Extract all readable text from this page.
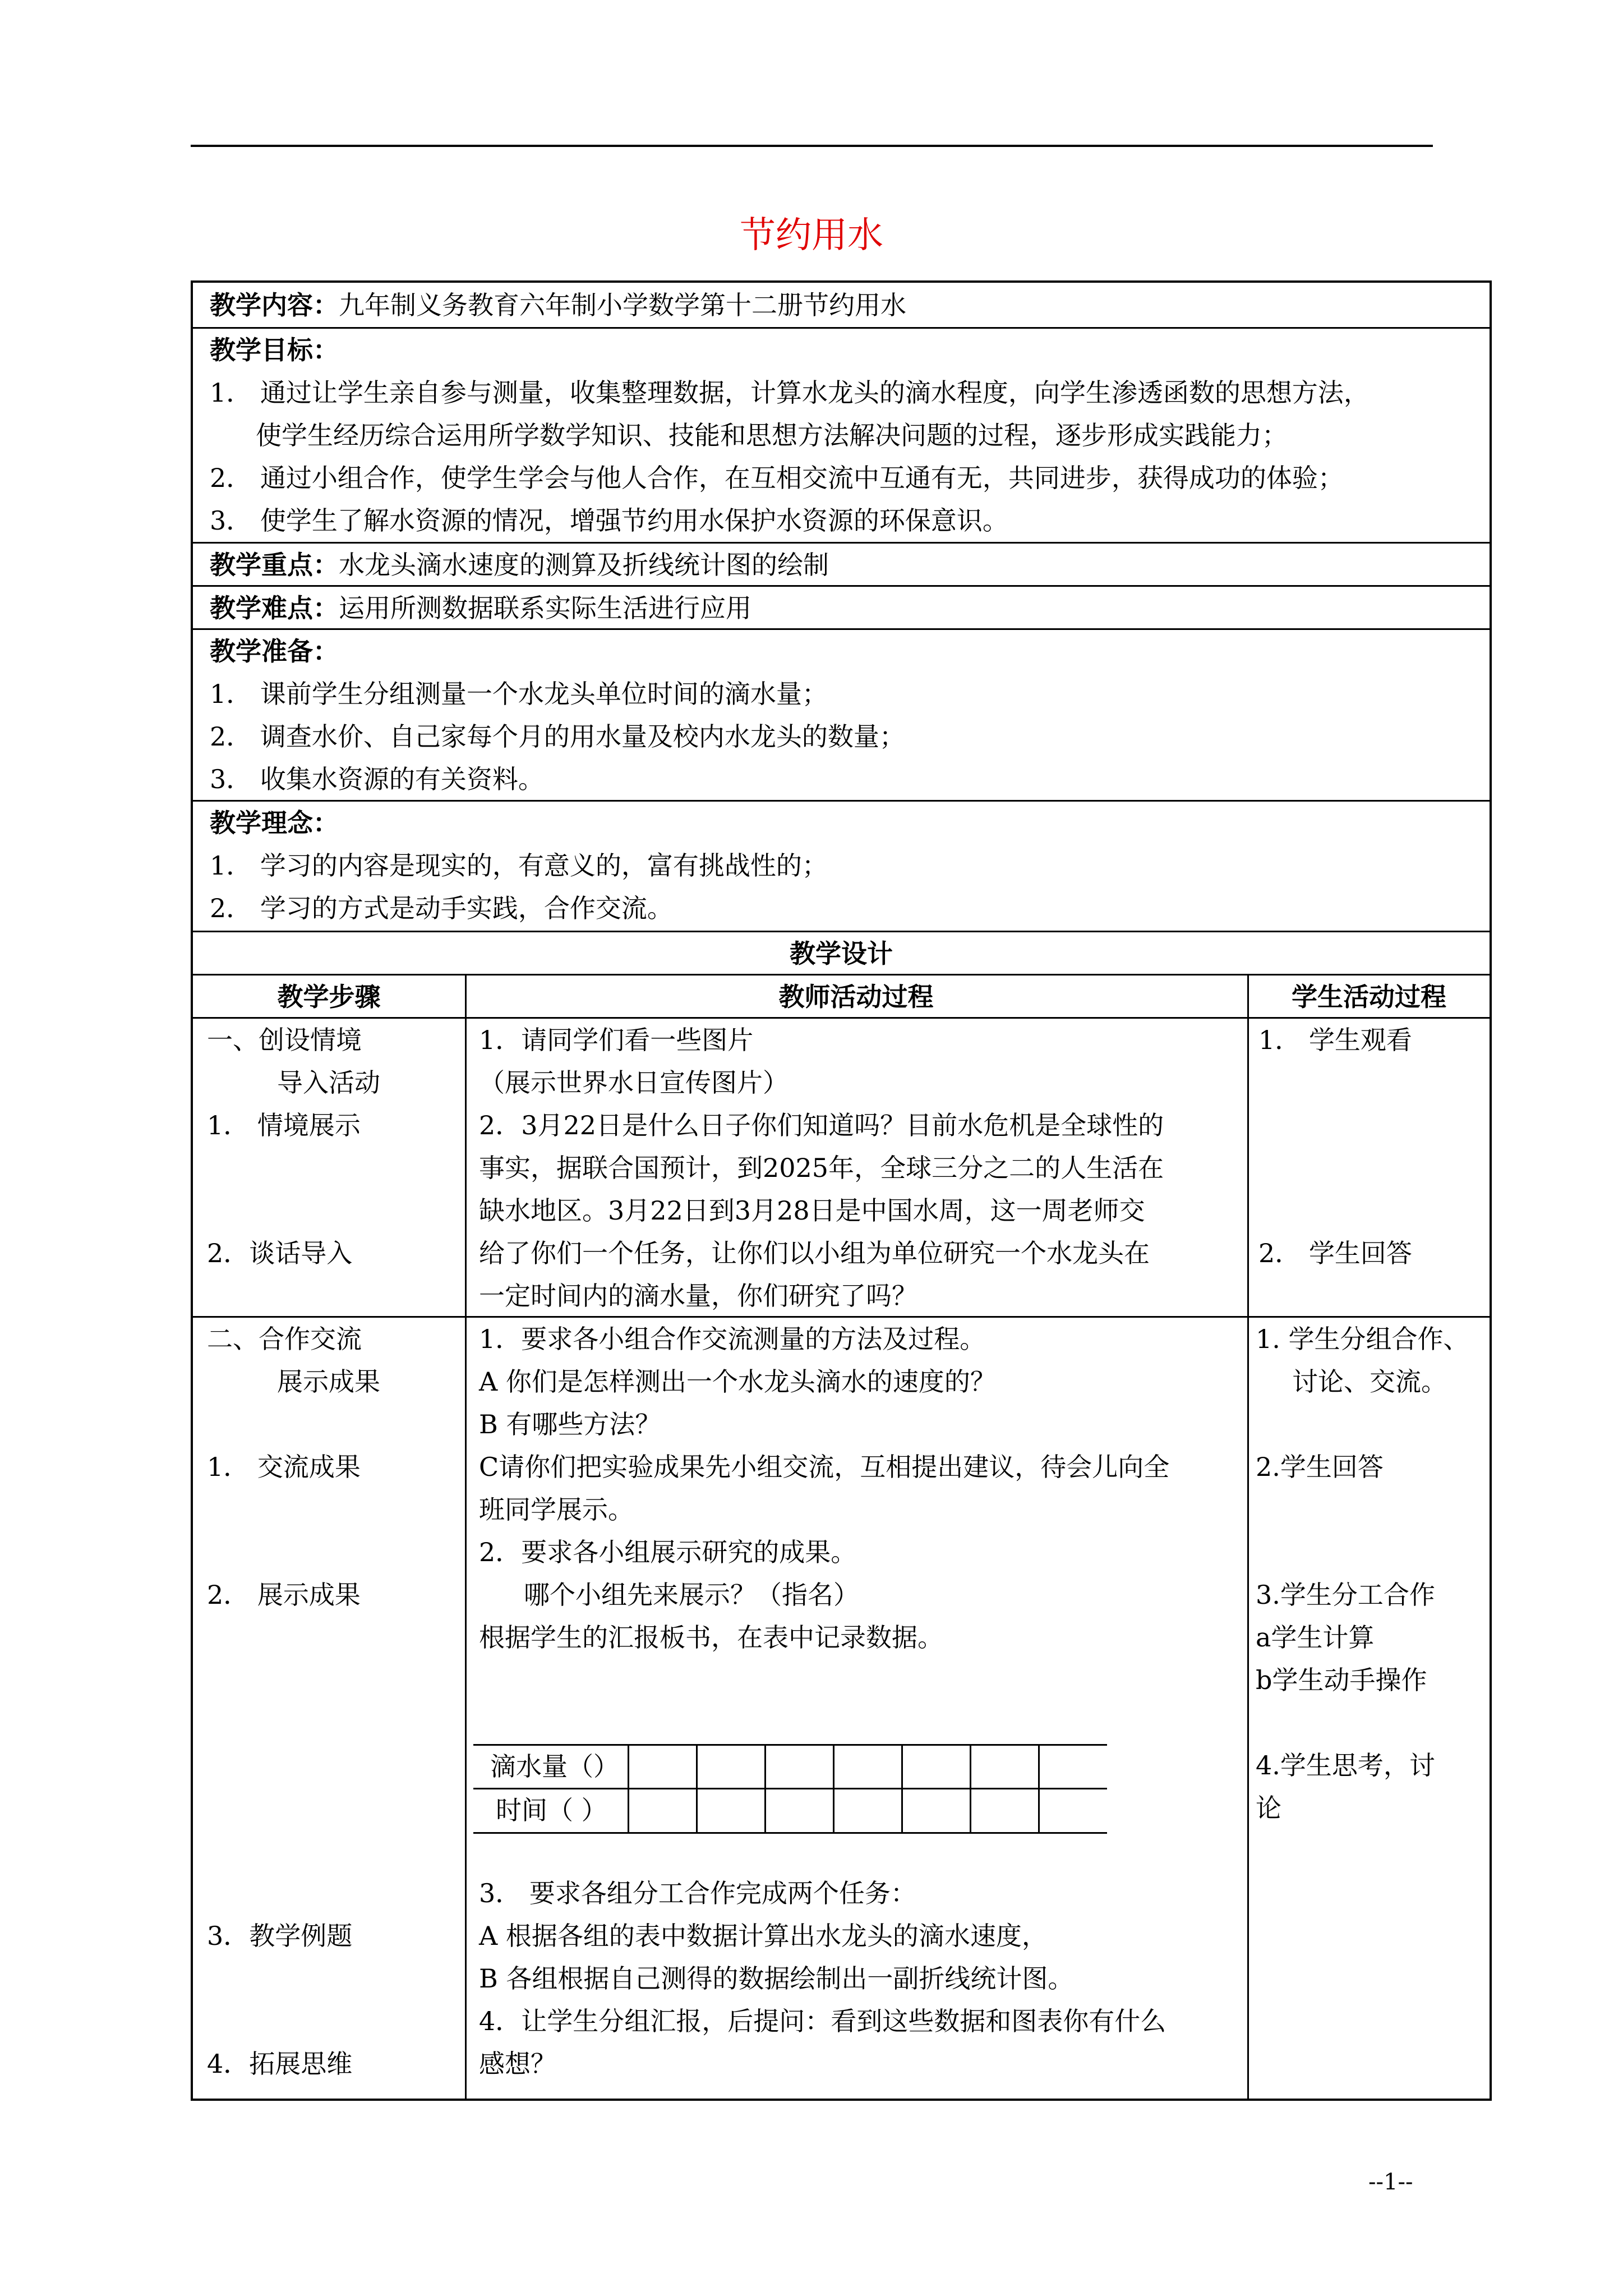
节约用水
教学内容：九年制义务教育六年制小学数学第十二册节约用水
教学目标：
1． 通过让学生亲自参与测量，收集整理数据，计算水龙头的滴水程度，向学生渗透函数的思想方法，
使学生经历综合运用所学数学知识、技能和思想方法解决问题的过程，逐步形成实践能力；
2． 通过小组合作，使学生学会与他人合作，在互相交流中互通有无，共同进步，获得成功的体验；
3． 使学生了解水资源的情况，增强节约用水保护水资源的环保意识。
教学重点：水龙头滴水速度的测算及折线统计图的绘制
教学难点：运用所测数据联系实际生活进行应用
教学准备：
1． 课前学生分组测量一个水龙头单位时间的滴水量；
2． 调查水价、自己家每个月的用水量及校内水龙头的数量；
3． 收集水资源的有关资料。
教学理念：
1． 学习的内容是现实的，有意义的，富有挑战性的；
2． 学习的方式是动手实践，合作交流。
教学设计
教学步骤	教师活动过程	学生活动过程
一、创设情境
导入活动
1． 情境展示
2．谈话导入
1．请同学们看一些图片
（展示世界水日宣传图片）
2．3月22日是什么日子你们知道吗？目前水危机是全球性的
事实，据联合国预计，到2025年，全球三分之二的人生活在
缺水地区。3月22日到3月28日是中国水周，这一周老师交
给了你们一个任务，让你们以小组为单位研究一个水龙头在
一定时间内的滴水量，你们研究了吗？
1． 学生观看
2． 学生回答
二、合作交流
展示成果
1． 交流成果
2． 展示成果
3．教学例题
4．拓展思维
1．要求各小组合作交流测量的方法及过程。
A 你们是怎样测出一个水龙头滴水的速度的？
B 有哪些方法？
C请你们把实验成果先小组交流，互相提出建议，待会儿向全
班同学展示。
2．要求各小组展示研究的成果。
哪个小组先来展示？（指名）
根据学生的汇报板书，在表中记录数据。
3． 要求各组分工合作完成两个任务：
A 根据各组的表中数据计算出水龙头的滴水速度，
B 各组根据自己测得的数据绘制出一副折线统计图。
4．让学生分组汇报，后提问：看到这些数据和图表你有什么
感想？
滴水量（）
时间（ ）
1. 学生分组合作、
讨论、交流。
2.学生回答
3.学生分工合作
a学生计算
b学生动手操作
4.学生思考，讨
论
--1--
